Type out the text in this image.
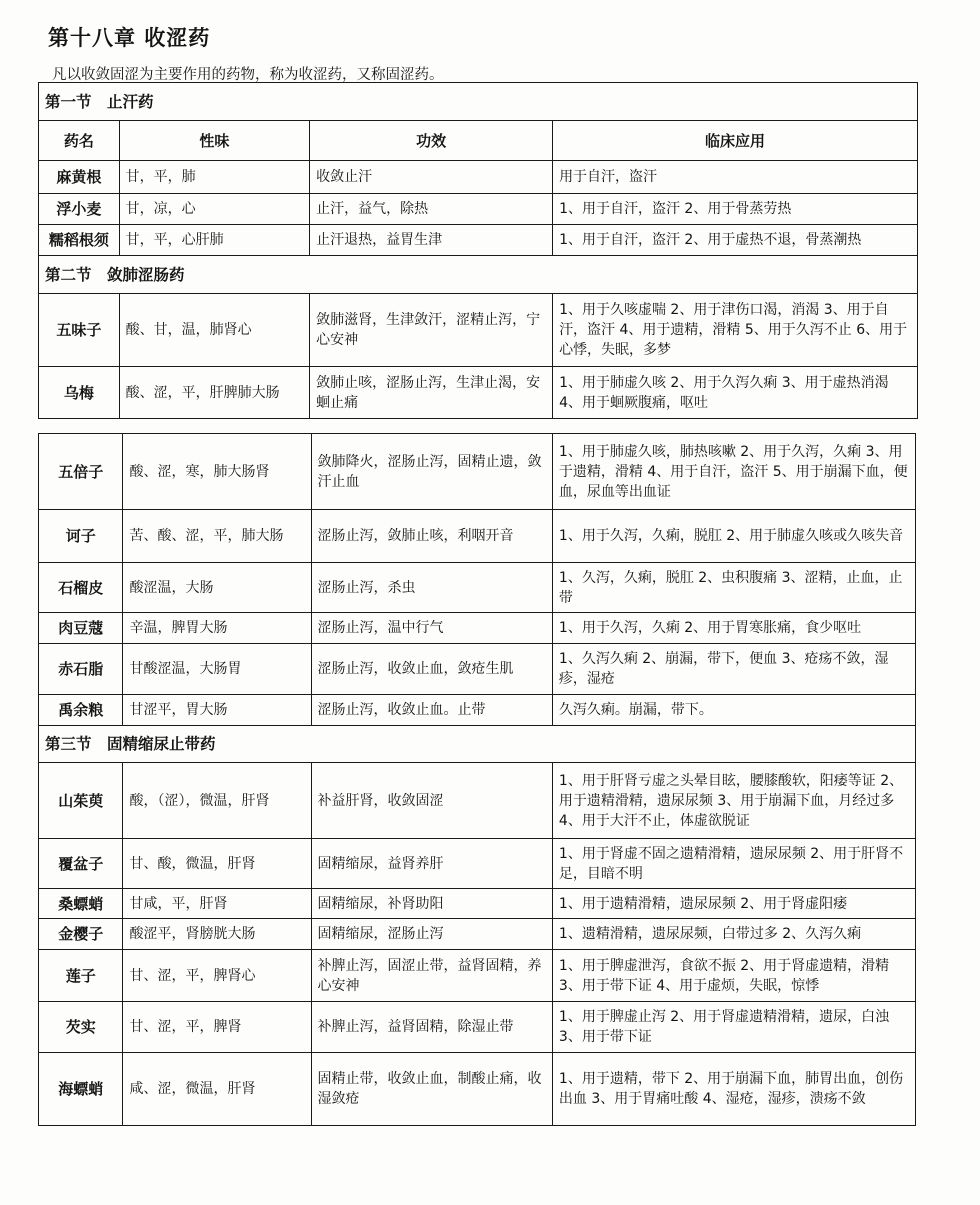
第十八章 收涩药

凡以收敛固涩为主要作用的药物，称为收涩药，又称固涩药。

第一节　止汗药			
药名	性味	功效	临床应用
麻黄根	甘，平，肺	收敛止汗	用于自汗，盗汗
浮小麦	甘，凉，心	止汗，益气，除热	1、用于自汗，盗汗 2、用于骨蒸劳热
糯稻根须	甘，平，心肝肺	止汗退热，益胃生津	1、用于自汗，盗汗 2、用于虚热不退，骨蒸潮热
第二节　敛肺涩肠药			
五味子	酸、甘，温，肺肾心	敛肺滋肾，生津敛汗，涩精止泻，宁心安神	1、用于久咳虚喘 2、用于津伤口渴，消渴 3、用于自汗，盗汗 4、用于遗精，滑精 5、用于久泻不止 6、用于心悸，失眠，多梦

乌梅	酸、涩，平，肝脾肺大肠	敛肺止咳，涩肠止泻，生津止渴，安蛔止痛	1、用于肺虚久咳 2、用于久泻久痢 3、用于虚热消渴 4、用于蛔厥腹痛，呕吐
五倍子	酸、涩，寒，肺大肠肾	敛肺降火，涩肠止泻，固精止遗，敛汗止血	1、用于肺虚久咳，肺热咳嗽 2、用于久泻，久痢 3、用于遗精，滑精 4、用于自汗，盗汗 5、用于崩漏下血，便血，尿血等出血证

诃子	苦、酸、涩，平，肺大肠	涩肠止泻，敛肺止咳，利咽开音	1、用于久泻，久痢，脱肛 2、用于肺虚久咳或久咳失音
石榴皮	酸涩温，大肠	涩肠止泻，杀虫	1、久泻，久痢，脱肛 2、虫积腹痛 3、涩精，止血，止带
肉豆蔻	辛温，脾胃大肠	涩肠止泻，温中行气	1、用于久泻，久痢 2、用于胃寒胀痛，食少呕吐
赤石脂	甘酸涩温，大肠胃	涩肠止泻，收敛止血，敛疮生肌	1、久泻久痢 2、崩漏，带下，便血 3、疮疡不敛，湿疹，湿疮
禹余粮	甘涩平，胃大肠	涩肠止泻，收敛止血。止带	久泻久痢。崩漏，带下。
第三节　固精缩尿止带药			
山茱萸	酸，（涩），微温，肝肾	补益肝肾，收敛固涩	1、用于肝肾亏虚之头晕目眩，腰膝酸软，阳痿等证 2、用于遗精滑精，遗尿尿频 3、用于崩漏下血，月经过多 4、用于大汗不止，体虚欲脱证

覆盆子	甘、酸，微温，肝肾	固精缩尿，益肾养肝	1、用于肾虚不固之遗精滑精，遗尿尿频 2、用于肝肾不足，目暗不明
桑螵蛸	甘咸，平，肝肾	固精缩尿，补肾助阳	1、用于遗精滑精，遗尿尿频 2、用于肾虚阳痿
金樱子	酸涩平，肾膀胱大肠	固精缩尿，涩肠止泻	1、遗精滑精，遗尿尿频，白带过多 2、久泻久痢
莲子	甘、涩，平，脾肾心	补脾止泻，固涩止带，益肾固精，养心安神	1、用于脾虚泄泻，食欲不振 2、用于肾虚遗精，滑精 3、用于带下证 4、用于虚烦，失眠，惊悸
芡实	甘、涩，平，脾肾	补脾止泻，益肾固精，除湿止带	1、用于脾虚止泻 2、用于肾虚遗精滑精，遗尿，白浊 3、用于带下证
海螵蛸	咸、涩，微温，肝肾	固精止带，收敛止血，制酸止痛，收湿敛疮	1、用于遗精，带下 2、用于崩漏下血，肺胃出血，创伤出血 3、用于胃痛吐酸 4、湿疮，湿疹，溃疡不敛
